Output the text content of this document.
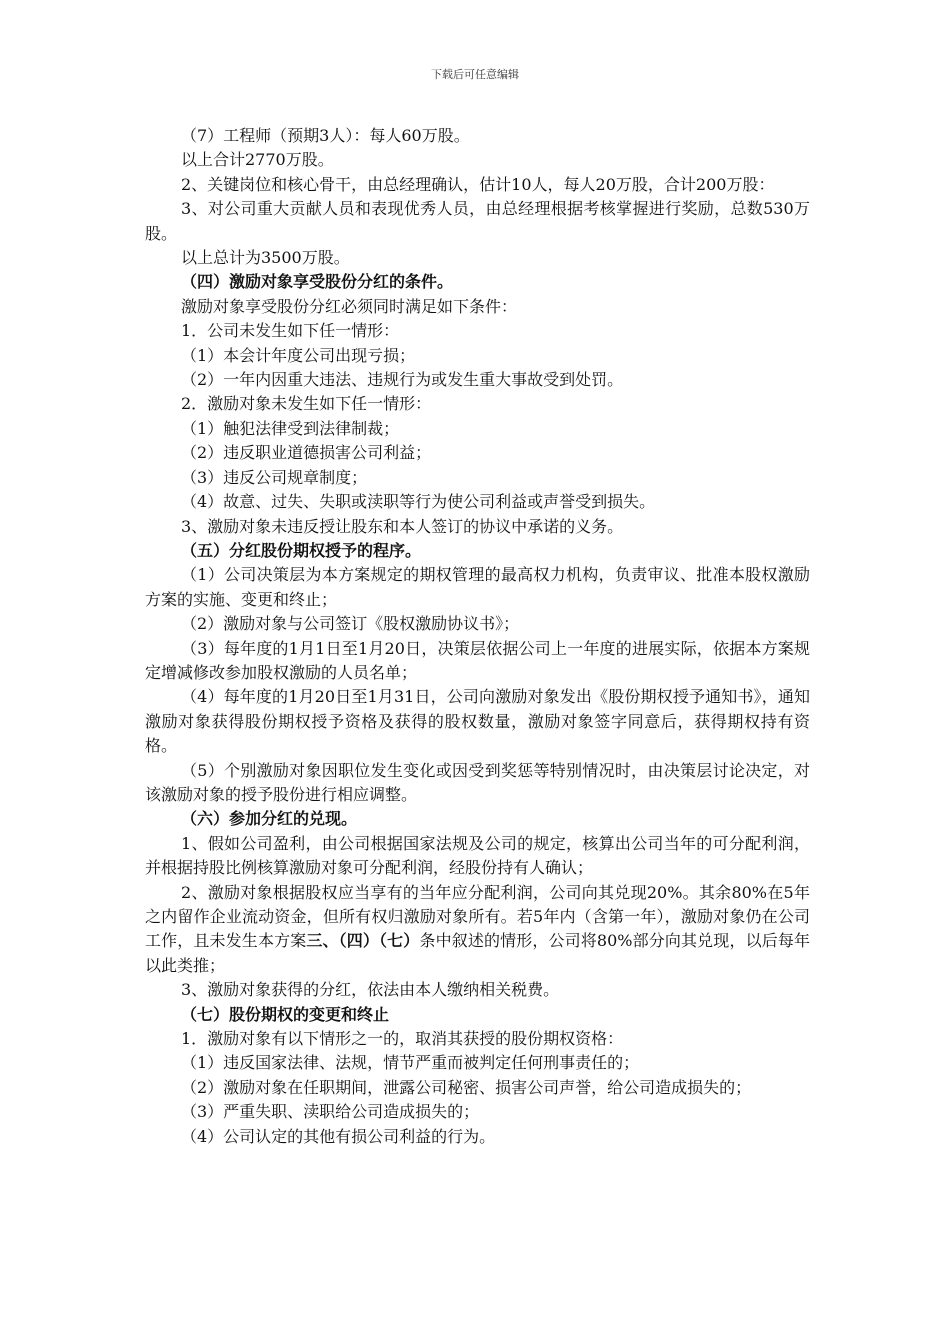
下载后可任意编辑

（7）工程师（预期3人）：每人60万股。

以上合计2770万股。

2、关键岗位和核心骨干，由总经理确认，估计10人，每人20万股，合计200万股：

3、对公司重大贡献人员和表现优秀人员，由总经理根据考核掌握进行奖励，总数530万股。

以上总计为3500万股。

（四）激励对象享受股份分红的条件。

激励对象享受股份分红必须同时满足如下条件：

1．公司未发生如下任一情形：

（1）本会计年度公司出现亏损；

（2）一年内因重大违法、违规行为或发生重大事故受到处罚。

2．激励对象未发生如下任一情形：

（1）触犯法律受到法律制裁；

（2）违反职业道德损害公司利益；

（3）违反公司规章制度；

（4）故意、过失、失职或渎职等行为使公司利益或声誉受到损失。

3、激励对象未违反授让股东和本人签订的协议中承诺的义务。

（五）分红股份期权授予的程序。

（1）公司决策层为本方案规定的期权管理的最高权力机构，负责审议、批准本股权激励方案的实施、变更和终止；

（2）激励对象与公司签订《股权激励协议书》；

（3）每年度的1月1日至1月20日，决策层依据公司上一年度的进展实际，依据本方案规定增减修改参加股权激励的人员名单；

（4）每年度的1月20日至1月31日，公司向激励对象发出《股份期权授予通知书》，通知激励对象获得股份期权授予资格及获得的股权数量，激励对象签字同意后，获得期权持有资格。

（5）个别激励对象因职位发生变化或因受到奖惩等特别情况时，由决策层讨论决定，对该激励对象的授予股份进行相应调整。

（六）参加分红的兑现。

1、假如公司盈利，由公司根据国家法规及公司的规定，核算出公司当年的可分配利润，并根据持股比例核算激励对象可分配利润，经股份持有人确认；

2、激励对象根据股权应当享有的当年应分配利润，公司向其兑现20%。其余80%在5年之内留作企业流动资金，但所有权归激励对象所有。若5年内（含第一年），激励对象仍在公司工作，且未发生本方案三、（四）（七）条中叙述的情形，公司将80%部分向其兑现，以后每年以此类推；

3、激励对象获得的分红，依法由本人缴纳相关税费。

（七）股份期权的变更和终止

1．激励对象有以下情形之一的，取消其获授的股份期权资格：

（1）违反国家法律、法规，情节严重而被判定任何刑事责任的；

（2）激励对象在任职期间，泄露公司秘密、损害公司声誉，给公司造成损失的；

（3）严重失职、渎职给公司造成损失的；

（4）公司认定的其他有损公司利益的行为。
